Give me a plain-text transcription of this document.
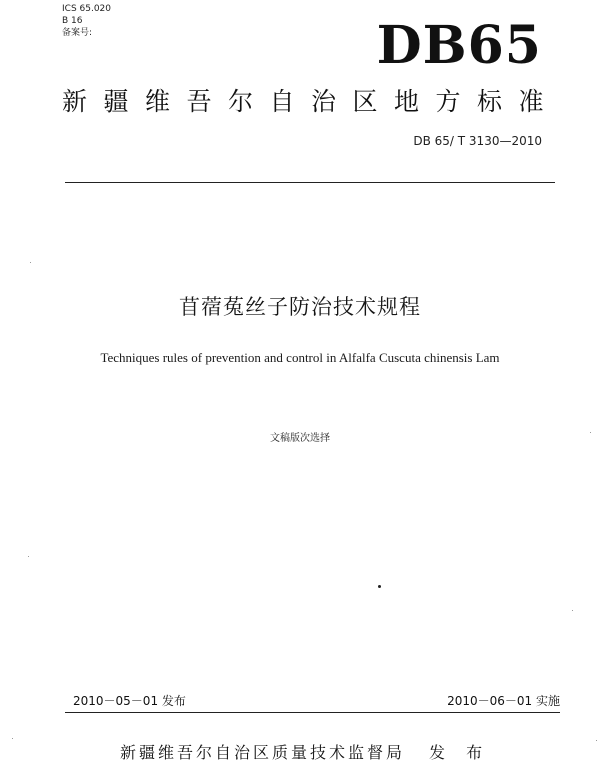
ICS 65.020
B 16
备案号:	DB65
新疆维吾尔自治区地方标准
DB 65/ T 3130—2010
苜蓿菟丝子防治技术规程
Techniques rules of prevention and control in Alfalfa Cuscuta chinensis Lam
文稿版次选择
2010－05－01 发布	2010－06－01 实施
新疆维吾尔自治区质量技术监督局 发 布
